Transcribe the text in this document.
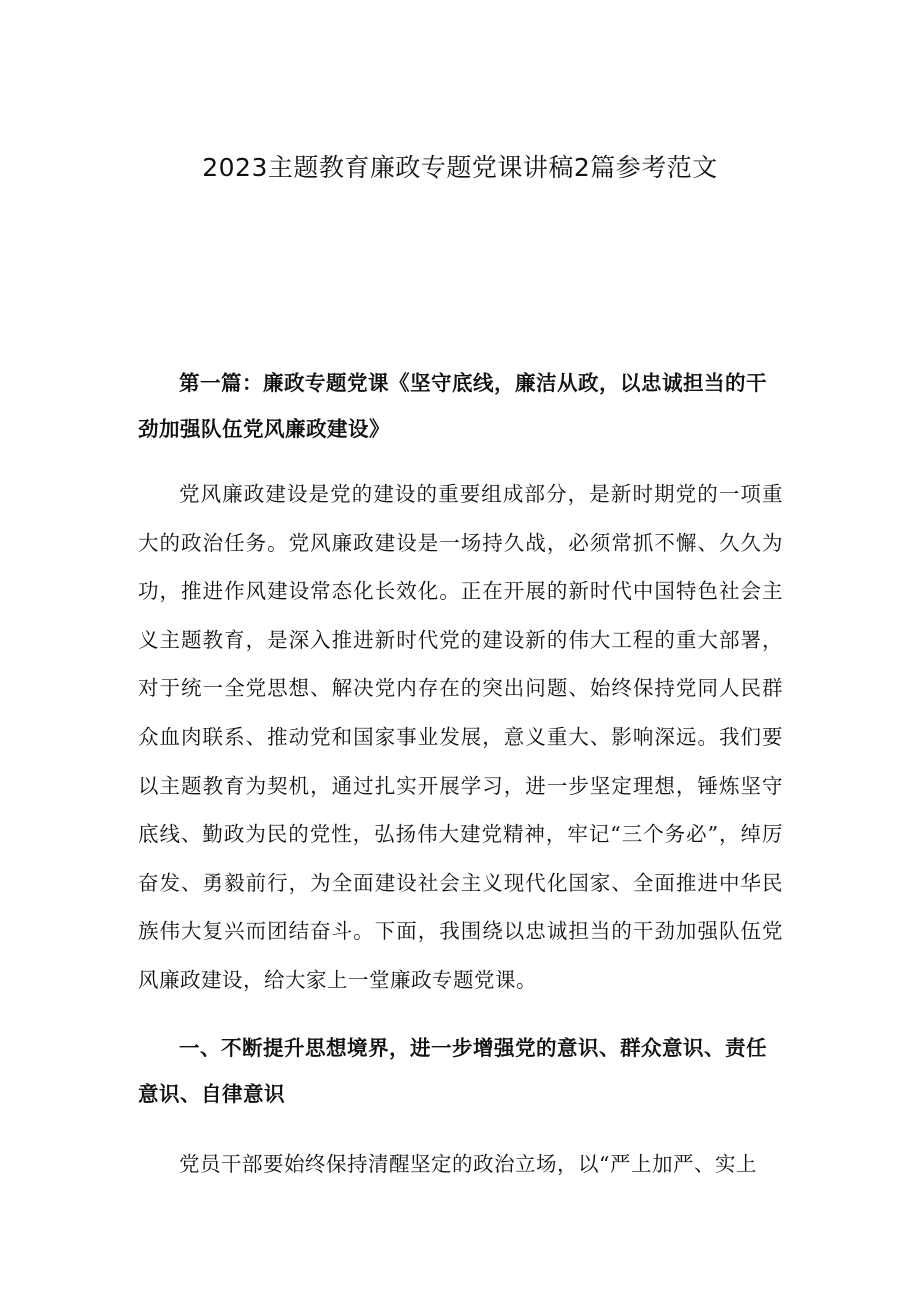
2023主题教育廉政专题党课讲稿2篇参考范文

第一篇：廉政专题党课《坚守底线，廉洁从政，以忠诚担当的干劲加强队伍党风廉政建设》

党风廉政建设是党的建设的重要组成部分，是新时期党的一项重大的政治任务。党风廉政建设是一场持久战，必须常抓不懈、久久为功，推进作风建设常态化长效化。正在开展的新时代中国特色社会主义主题教育，是深入推进新时代党的建设新的伟大工程的重大部署，对于统一全党思想、解决党内存在的突出问题、始终保持党同人民群众血肉联系、推动党和国家事业发展，意义重大、影响深远。我们要以主题教育为契机，通过扎实开展学习，进一步坚定理想，锤炼坚守底线、勤政为民的党性，弘扬伟大建党精神，牢记“三个务必”，绰厉奋发、勇毅前行，为全面建设社会主义现代化国家、全面推进中华民族伟大复兴而团结奋斗。下面，我围绕以忠诚担当的干劲加强队伍党风廉政建设，给大家上一堂廉政专题党课。

一、不断提升思想境界，进一步增强党的意识、群众意识、责任意识、自律意识

党员干部要始终保持清醒坚定的政治立场，以“严上加严、实上
